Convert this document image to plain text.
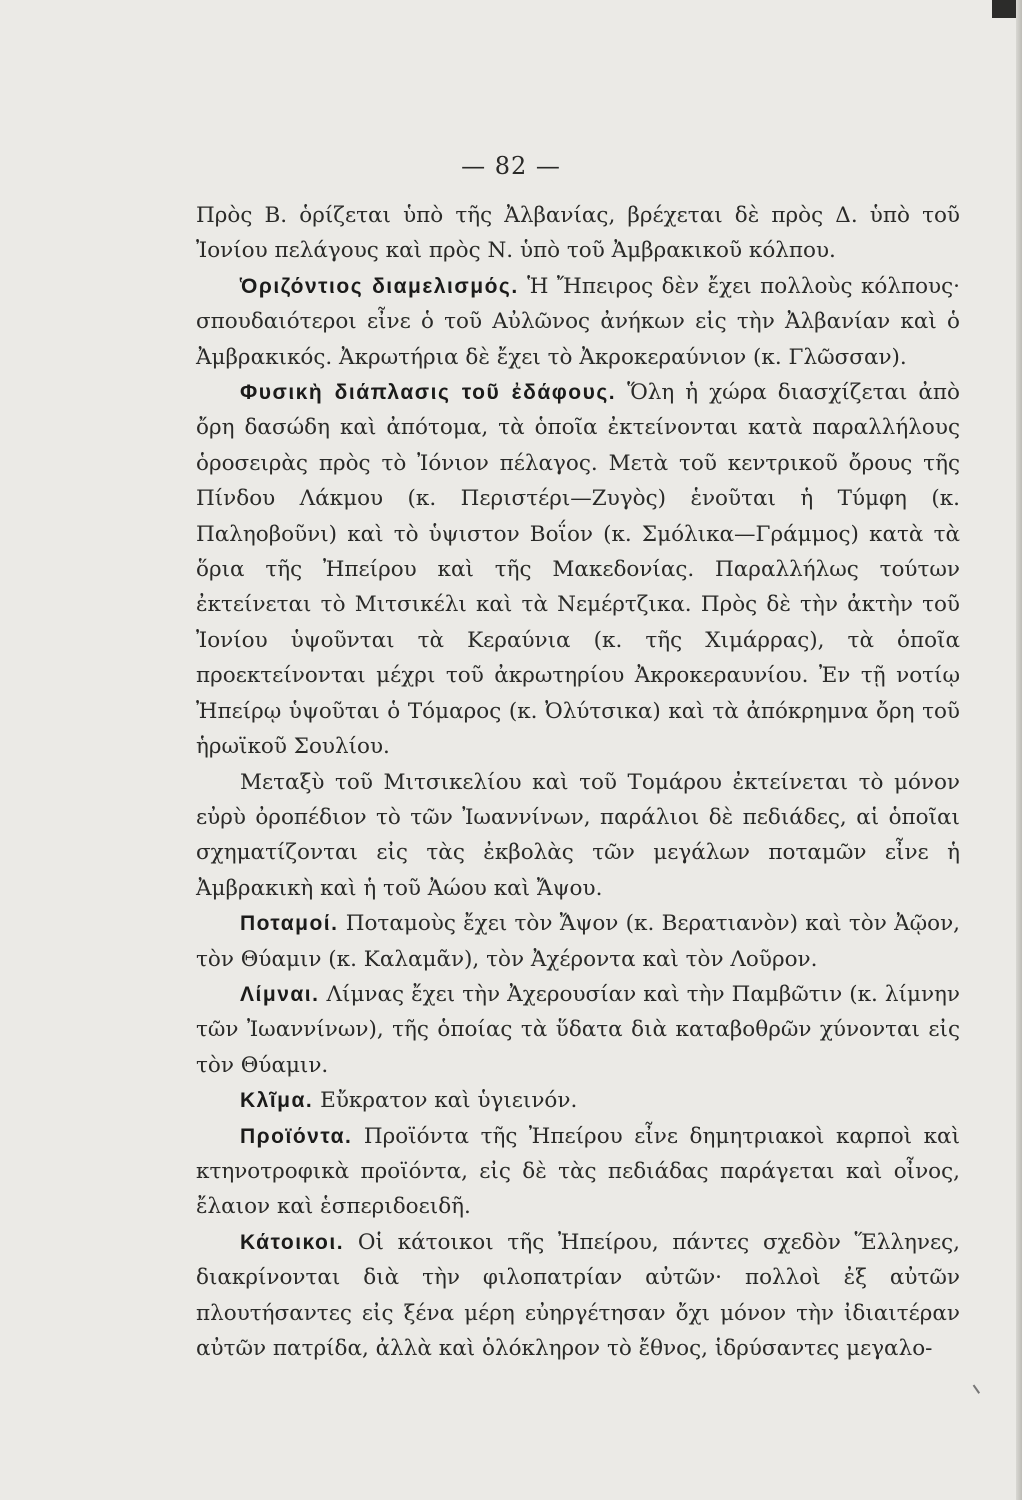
— 82 —

Πρὸς Β. ὁρίζεται ὑπὸ τῆς Ἀλβανίας, βρέχεται δὲ πρὸς Δ. ὑπὸ τοῦ Ἰονίου πελάγους καὶ πρὸς Ν. ὑπὸ τοῦ Ἀμβρακικοῦ κόλπου.

Ὁριζόντιος διαμελισμός. Ἡ Ἤπειρος δὲν ἔχει πολλοὺς κόλπους· σπουδαιότεροι εἶνε ὁ τοῦ Αὐλῶνος ἀνήκων εἰς τὴν Ἀλβανίαν καὶ ὁ Ἀμβρακικός. Ἀκρωτήρια δὲ ἔχει τὸ Ἀκροκεραύνιον (κ. Γλῶσσαν).

Φυσικὴ διάπλασις τοῦ ἐδάφους. Ὅλη ἡ χώρα διασχίζεται ἀπὸ ὄρη δασώδη καὶ ἀπότομα, τὰ ὁποῖα ἐκτείνονται κατὰ παραλλήλους ὁροσειρὰς πρὸς τὸ Ἰόνιον πέλαγος. Μετὰ τοῦ κεντρικοῦ ὄρους τῆς Πίνδου Λάκμου (κ. Περιστέρι—Ζυγὸς) ἑνοῦται ἡ Τύμφη (κ. Παληοβοῦνι) καὶ τὸ ὑψιστον Βοΐον (κ. Σμόλικα—Γράμμος) κατὰ τὰ ὅρια τῆς Ἠπείρου καὶ τῆς Μακεδονίας. Παραλλήλως τούτων ἐκτείνεται τὸ Μιτσικέλι καὶ τὰ Νεμέρτζικα. Πρὸς δὲ τὴν ἀκτὴν τοῦ Ἰονίου ὑψοῦνται τὰ Κεραύνια (κ. τῆς Χιμάρρας), τὰ ὁποῖα προεκτείνονται μέχρι τοῦ ἀκρωτηρίου Ἀκροκεραυνίου. Ἐν τῇ νοτίῳ Ἠπείρῳ ὑψοῦται ὁ Τόμαρος (κ. Ὀλύτσικα) καὶ τὰ ἀπόκρημνα ὄρη τοῦ ἡρωϊκοῦ Σουλίου.

Μεταξὺ τοῦ Μιτσικελίου καὶ τοῦ Τομάρου ἐκτείνεται τὸ μόνον εὐρὺ ὀροπέδιον τὸ τῶν Ἰωαννίνων, παράλιοι δὲ πεδιάδες, αἱ ὁποῖαι σχηματίζονται εἰς τὰς ἐκβολὰς τῶν μεγάλων ποταμῶν εἶνε ἡ Ἀμβρακικὴ καὶ ἡ τοῦ Ἀώου καὶ Ἄψου.

Ποταμοί. Ποταμοὺς ἔχει τὸν Ἄψον (κ. Βερατιανὸν) καὶ τὸν Ἀῷον, τὸν Θύαμιν (κ. Καλαμᾶν), τὸν Ἀχέροντα καὶ τὸν Λοῦρον.

Λίμναι. Λίμνας ἔχει τὴν Ἀχερουσίαν καὶ τὴν Παμβῶτιν (κ. λίμνην τῶν Ἰωαννίνων), τῆς ὁποίας τὰ ὕδατα διὰ καταβοθρῶν χύνονται εἰς τὸν Θύαμιν.

Κλῖμα. Εὔκρατον καὶ ὑγιεινόν.

Προϊόντα. Προϊόντα τῆς Ἠπείρου εἶνε δημητριακοὶ καρποὶ καὶ κτηνοτροφικὰ προϊόντα, εἰς δὲ τὰς πεδιάδας παράγεται καὶ οἶνος, ἔλαιον καὶ ἑσπεριδοειδῆ.

Κάτοικοι. Οἱ κάτοικοι τῆς Ἠπείρου, πάντες σχεδὸν Ἕλληνες, διακρίνονται διὰ τὴν φιλοπατρίαν αὐτῶν· πολλοὶ ἐξ αὐτῶν πλουτήσαντες εἰς ξένα μέρη εὐηργέτησαν ὄχι μόνον τὴν ἰδιαιτέραν αὐτῶν πατρίδα, ἀλλὰ καὶ ὁλόκληρον τὸ ἔθνος, ἱδρύσαντες μεγαλο-
